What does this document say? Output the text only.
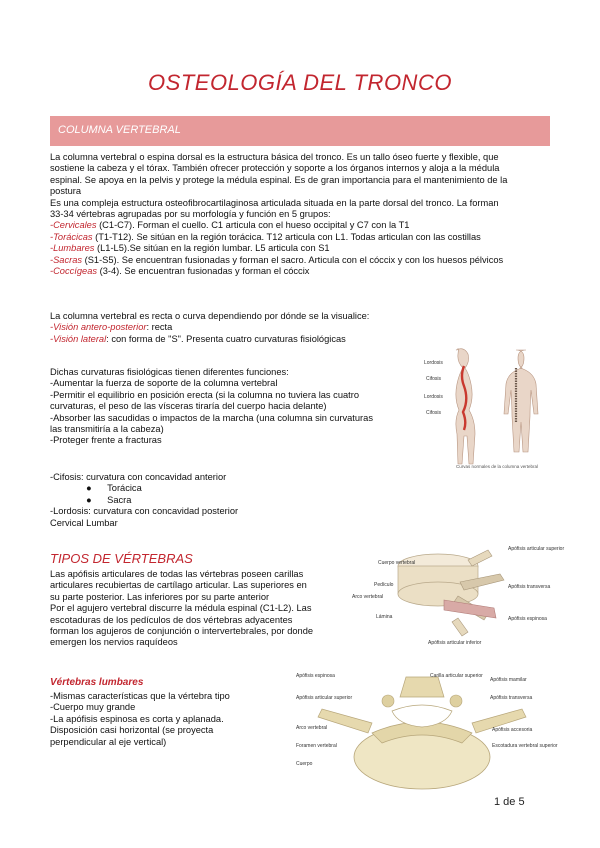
OSTEOLOGÍA DEL TRONCO
COLUMNA VERTEBRAL
La columna vertebral o espina dorsal es la estructura básica del tronco. Es un tallo óseo fuerte y flexible, que
sostiene la cabeza y el tórax. También ofrecer protección y soporte a los órganos internos y aloja a la médula
espinal. Se apoya en la pelvis y protege la médula espinal. Es de gran importancia para el mantenimiento de la
postura
Es una compleja estructura osteofibrocartilaginosa articulada situada en la parte dorsal del tronco. La forman
33-34 vértebras agrupadas por su morfología y función en 5 grupos:
-Cervicales (C1-C7). Forman el cuello. C1 articula con el hueso occipital y C7 con la T1
-Torácicas (T1-T12). Se sitúan en la región torácica. T12 articula con L1. Todas articulan con las costillas
-Lumbares (L1-L5).Se sitúan en la región lumbar. L5 articula con S1
-Sacras (S1-S5). Se encuentran fusionadas y forman el sacro. Articula con el cóccix y con los huesos pélvicos
-Coccígeas (3-4). Se encuentran fusionadas y forman el cóccix
La columna vertebral es recta o curva dependiendo por dónde se la visualice:
-Visión antero-posterior: recta
-Visión lateral: con forma de "S". Presenta cuatro curvaturas fisiológicas
Dichas curvaturas fisiológicas tienen diferentes funciones:
-Aumentar la fuerza de soporte de la columna vertebral
-Permitir el equilibrio en posición erecta (si la columna no tuviera las cuatro
curvaturas, el peso de las vísceras tiraría del cuerpo hacia delante)
-Absorber las sacudidas o impactos de la marcha (una columna sin curvaturas
las transmitiría a la cabeza)
-Proteger frente a fracturas
-Cifosis: curvatura con concavidad anterior
●      Torácica
●      Sacra
-Lordosis: curvatura con concavidad posterior
Cervical Lumbar
Lordosis
Cifosis
Lordosis
Cifosis
Curvas normales de la columna vertebral
TIPOS DE VÉRTEBRAS
Las apófisis articulares de todas las vértebras poseen carillas
articulares recubiertas de cartílago articular. Las superiores en
su parte posterior. Las inferiores por su parte anterior
Por el agujero vertebral discurre la médula espinal (C1-L2). Las
escotaduras de los pedículos de dos vértebras adyacentes
forman los agujeros de conjunción o intervertebrales, por donde
emergen los nervios raquídeos
Cuerpo vertebral
Pedículo
Arco vertebral
Lámina
Apófisis articular superior
Apófisis transversa
Apófisis espinosa
Apófisis articular inferior
Vértebras lumbares
-Mismas características que la vértebra tipo
-Cuerpo muy grande
-La apófisis espinosa es corta y aplanada.
Disposición casi horizontal (se proyecta
perpendicular al eje vertical)
Apófisis espinosa
Apófisis articular superior
Arco vertebral
Foramen vertebral
Cuerpo
Carilla articular superior
Apófisis mamilar
Apófisis transversa
Apófisis accesoria
Escotadura vertebral superior
1 de 5
